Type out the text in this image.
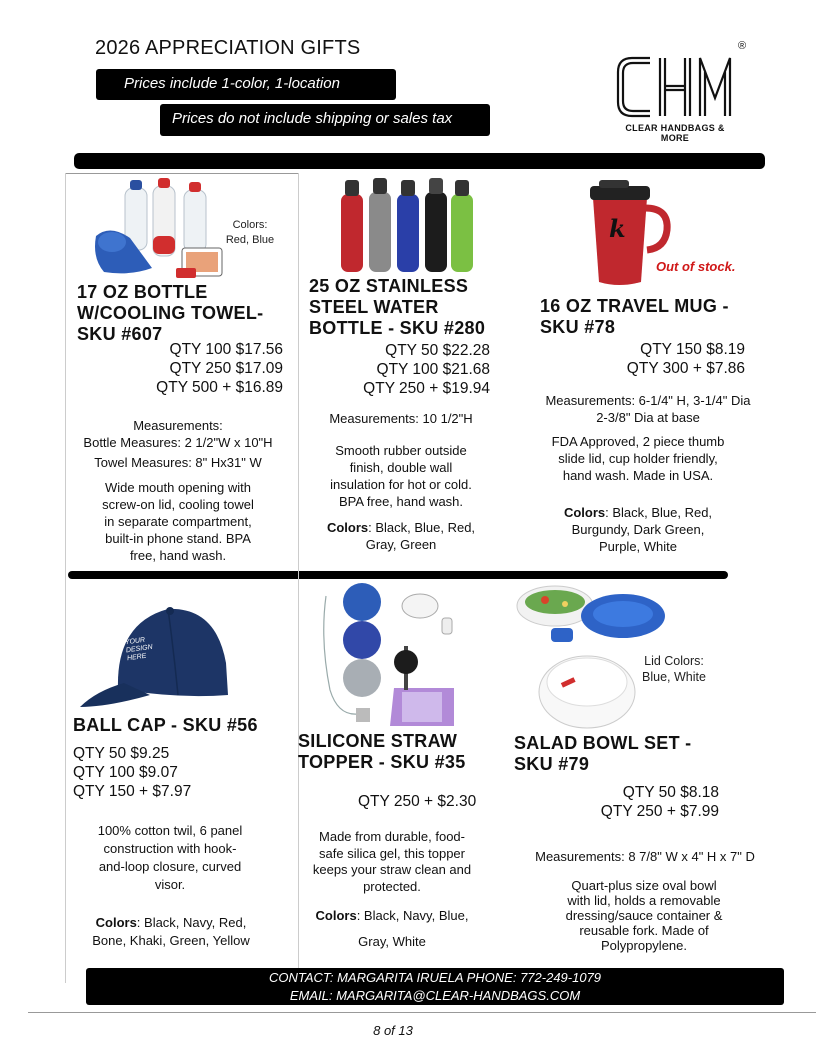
2026 APPRECIATION GIFTS
Prices include 1-color, 1-location
Prices do not include shipping or sales tax
®
CLEAR HANDBAGS & MORE
Colors:
Red, Blue
17 OZ BOTTLE
W/COOLING TOWEL-
SKU #607
QTY 100 $17.56
QTY 250 $17.09
QTY 500 + $16.89
Measurements:
Bottle Measures: 2 1/2"W x 10"H
Towel Measures: 8" Hx31" W
Wide mouth opening with
screw-on lid, cooling towel
in separate compartment,
built-in phone stand. BPA
free, hand wash.
25 OZ STAINLESS
STEEL WATER
BOTTLE - SKU #280
QTY 50 $22.28
QTY 100 $21.68
QTY 250 + $19.94
Measurements: 10 1/2"H
Smooth rubber outside
finish, double wall
insulation for hot or cold.
BPA free, hand wash.
Colors: Black, Blue, Red,
Gray, Green
k
Out of stock.
16 OZ TRAVEL MUG -
SKU #78
QTY 150 $8.19
QTY 300 + $7.86
Measurements: 6-1/4" H, 3-1/4" Dia
2-3/8" Dia at base
FDA Approved, 2 piece thumb
slide lid, cup holder friendly,
hand wash. Made in USA.
Colors: Black, Blue, Red,
Burgundy, Dark Green,
Purple, White
YOUR
DESIGN
HERE
BALL CAP - SKU #56
QTY 50 $9.25
QTY 100 $9.07
QTY 150 + $7.97
100% cotton twil, 6 panel
construction with hook-
and-loop closure, curved
visor.
Colors: Black, Navy, Red,
Bone, Khaki, Green, Yellow
SILICONE STRAW
TOPPER - SKU #35
QTY 250 + $2.30
Made from durable, food-
safe silica gel, this topper
keeps your straw clean and
protected.
Colors: Black, Navy, Blue,
Gray, White
Lid Colors:
Blue, White
SALAD BOWL SET -
SKU #79
QTY 50 $8.18
QTY 250 + $7.99
Measurements: 8 7/8" W x 4" H x 7" D
Quart-plus size oval bowl
with lid, holds a removable
dressing/sauce container &
reusable fork. Made of
Polypropylene.
CONTACT: MARGARITA IRUELA PHONE: 772-249-1079
EMAIL: MARGARITA@CLEAR-HANDBAGS.COM
8 of 13
